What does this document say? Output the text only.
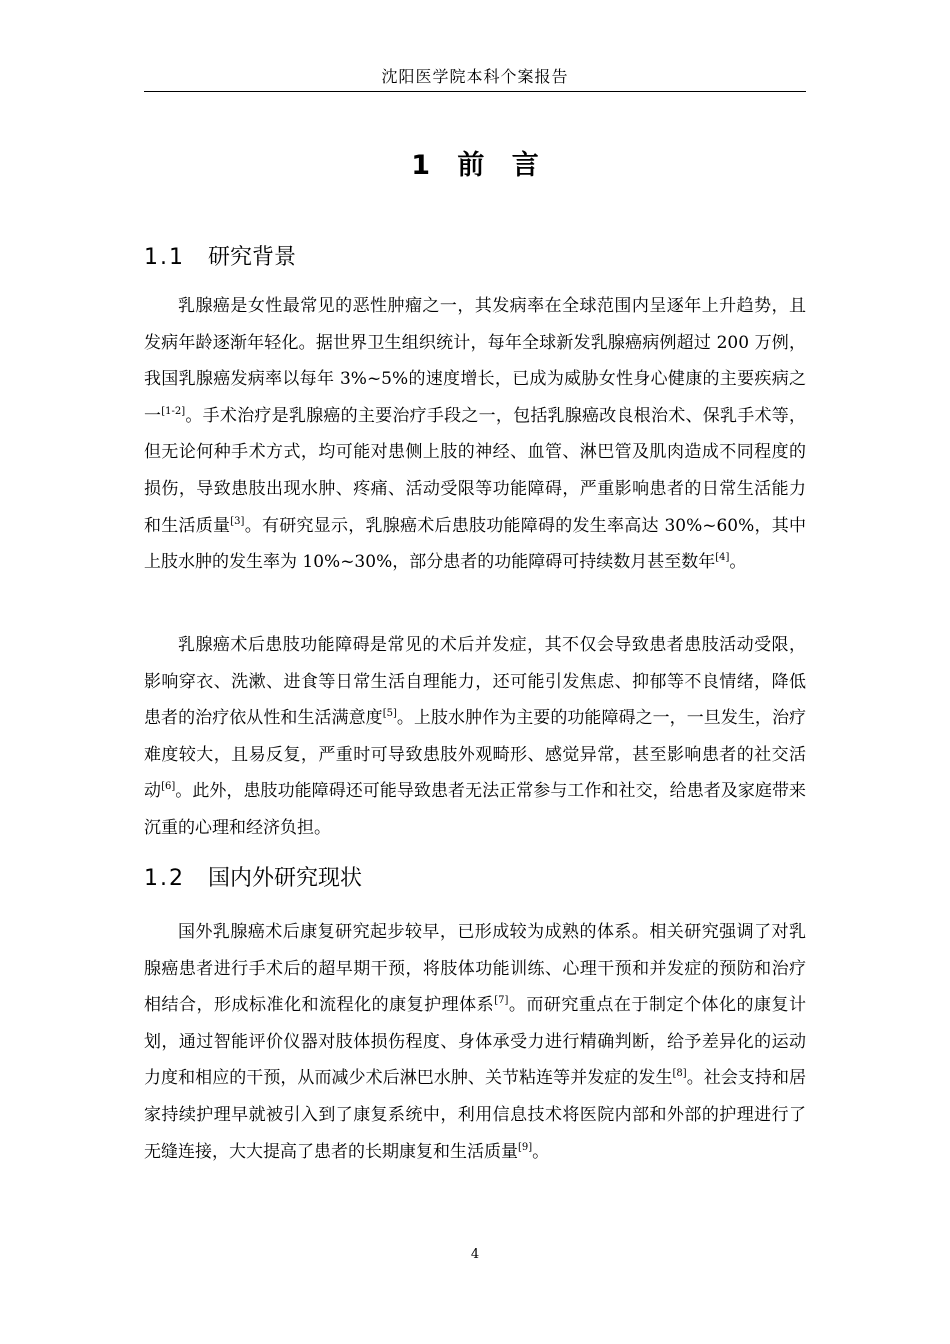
沈阳医学院本科个案报告
1 前 言
1.1 研究背景

乳腺癌是女性最常见的恶性肿瘤之一，其发病率在全球范围内呈逐年上升趋势，且发病年龄逐渐年轻化。据世界卫生组织统计，每年全球新发乳腺癌病例超过 200 万例，我国乳腺癌发病率以每年 3%~5%的速度增长，已成为威胁女性身心健康的主要疾病之一[1-2]。手术治疗是乳腺癌的主要治疗手段之一，包括乳腺癌改良根治术、保乳手术等，但无论何种手术方式，均可能对患侧上肢的神经、血管、淋巴管及肌肉造成不同程度的损伤，导致患肢出现水肿、疼痛、活动受限等功能障碍，严重影响患者的日常生活能力和生活质量[3]。有研究显示，乳腺癌术后患肢功能障碍的发生率高达 30%~60%，其中上肢水肿的发生率为 10%~30%，部分患者的功能障碍可持续数月甚至数年[4]。

乳腺癌术后患肢功能障碍是常见的术后并发症，其不仅会导致患者患肢活动受限，影响穿衣、洗漱、进食等日常生活自理能力，还可能引发焦虑、抑郁等不良情绪，降低患者的治疗依从性和生活满意度[5]。上肢水肿作为主要的功能障碍之一，一旦发生，治疗难度较大，且易反复，严重时可导致患肢外观畸形、感觉异常，甚至影响患者的社交活动[6]。此外，患肢功能障碍还可能导致患者无法正常参与工作和社交，给患者及家庭带来沉重的心理和经济负担。

1.2 国内外研究现状

国外乳腺癌术后康复研究起步较早，已形成较为成熟的体系。相关研究强调了对乳腺癌患者进行手术后的超早期干预，将肢体功能训练、心理干预和并发症的预防和治疗相结合，形成标准化和流程化的康复护理体系[7]。而研究重点在于制定个体化的康复计划，通过智能评价仪器对肢体损伤程度、身体承受力进行精确判断，给予差异化的运动力度和相应的干预，从而减少术后淋巴水肿、关节粘连等并发症的发生[8]。社会支持和居家持续护理早就被引入到了康复系统中，利用信息技术将医院内部和外部的护理进行了无缝连接，大大提高了患者的长期康复和生活质量[9]。

4
